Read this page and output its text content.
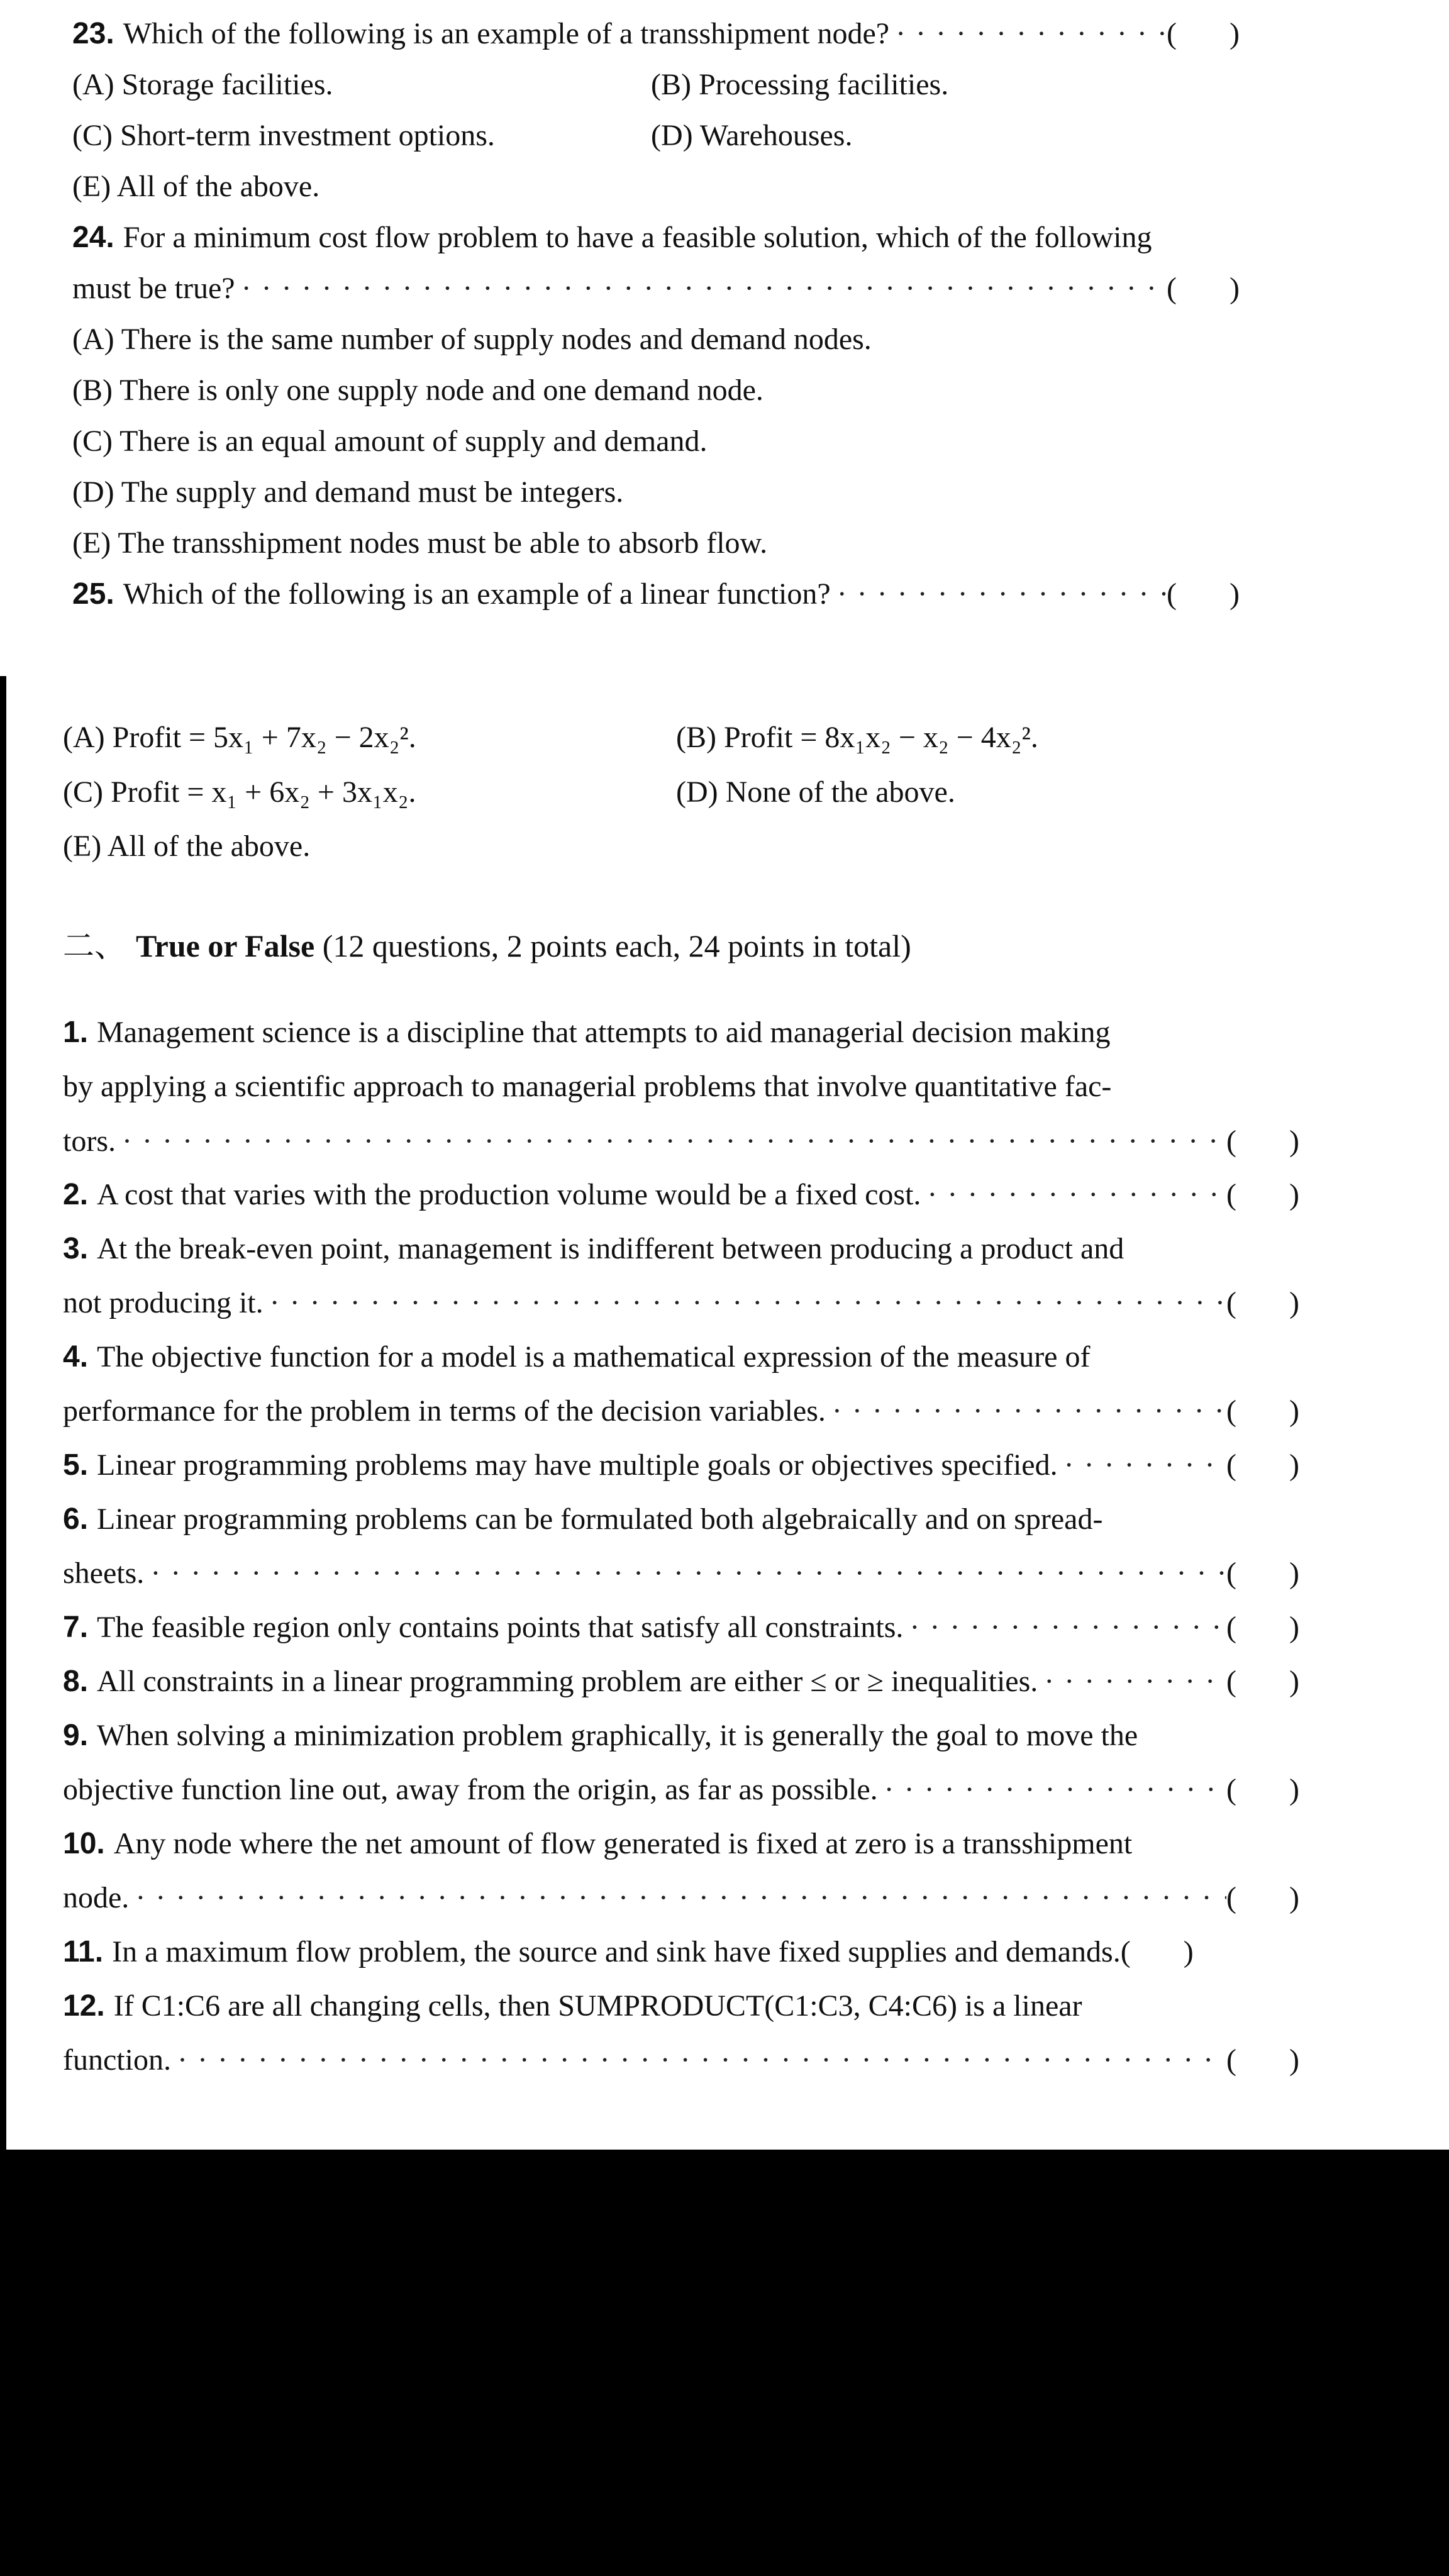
23. Which of the following is an example of a transshipment node? · · ·	(       )
(A) Storage facilities.	(B) Processing facilities.
(C) Short-term investment options.	(D) Warehouses.
(E) All of the above.
24. For a minimum cost flow problem to have a feasible solution, which of the following
must be true? · · ·	(       )
(A) There is the same number of supply nodes and demand nodes.
(B) There is only one supply node and one demand node.
(C) There is an equal amount of supply and demand.
(D) The supply and demand must be integers.
(E) The transshipment nodes must be able to absorb flow.
25. Which of the following is an example of a linear function? · · ·	(       )
(A) Profit = 5x₁ + 7x₂ − 2x₂².	(B) Profit = 8x₁x₂ − x₂ − 4x₂².
(C) Profit = x₁ + 6x₂ + 3x₁x₂.	(D) None of the above.
(E) All of the above.
二、 True or False (12 questions, 2 points each, 24 points in total)
1. Management science is a discipline that attempts to aid managerial decision making
by applying a scientific approach to managerial problems that involve quantitative fac-
tors. · · ·	(       )
2. A cost that varies with the production volume would be a fixed cost. · · ·	(       )
3. At the break-even point, management is indifferent between producing a product and
not producing it. · · ·	(       )
4. The objective function for a model is a mathematical expression of the measure of
performance for the problem in terms of the decision variables. · · ·	(       )
5. Linear programming problems may have multiple goals or objectives specified. · · ·	(       )
6. Linear programming problems can be formulated both algebraically and on spread-
sheets. · · ·	(       )
7. The feasible region only contains points that satisfy all constraints. · · ·	(       )
8. All constraints in a linear programming problem are either ≤ or ≥ inequalities. · · ·	(       )
9. When solving a minimization problem graphically, it is generally the goal to move the
objective function line out, away from the origin, as far as possible. · · ·	(       )
10. Any node where the net amount of flow generated is fixed at zero is a transshipment
node. · · ·	(       )
11. In a maximum flow problem, the source and sink have fixed supplies and demands. (       )
12. If C1:C6 are all changing cells, then SUMPRODUCT(C1:C3, C4:C6) is a linear
function. · · ·	(       )
